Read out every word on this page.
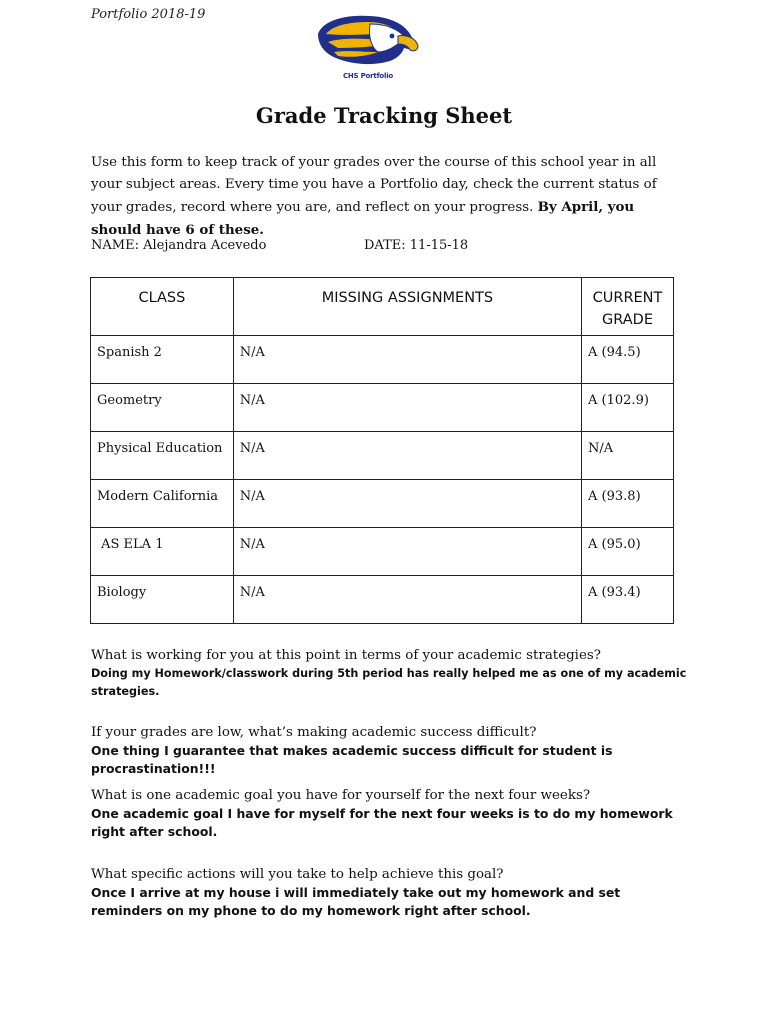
Portfolio 2018-19
CHS Portfolio
Grade Tracking Sheet
Use this form to keep track of your grades over the course of this school year in all your subject areas. Every time you have a Portfolio day, check the current status of your grades, record where you are, and reflect on your progress. By April, you should have 6 of these.
NAME: Alejandra Acevedo	DATE: 11-15-18
CLASS	MISSING ASSIGNMENTS	CURRENT GRADE
Spanish 2	N/A	A (94.5)
Geometry	N/A	A (102.9)
Physical Education	N/A	N/A
Modern California	N/A	A (93.8)
AS ELA 1	N/A	A (95.0)
Biology	N/A	A (93.4)
What is working for you at this point in terms of your academic strategies?
Doing my Homework/classwork during 5th period has really helped me as one of my academic strategies.
If your grades are low, what’s making academic success difficult?
One thing I guarantee that makes academic success difficult for student is procrastination!!!
What is one academic goal you have for yourself for the next four weeks?
One academic goal I have for myself for the next four weeks is to do my homework right after school.
What specific actions will you take to help achieve this goal?
Once I arrive at my house i will immediately take out my homework and set reminders on my phone to do my homework right after school.
